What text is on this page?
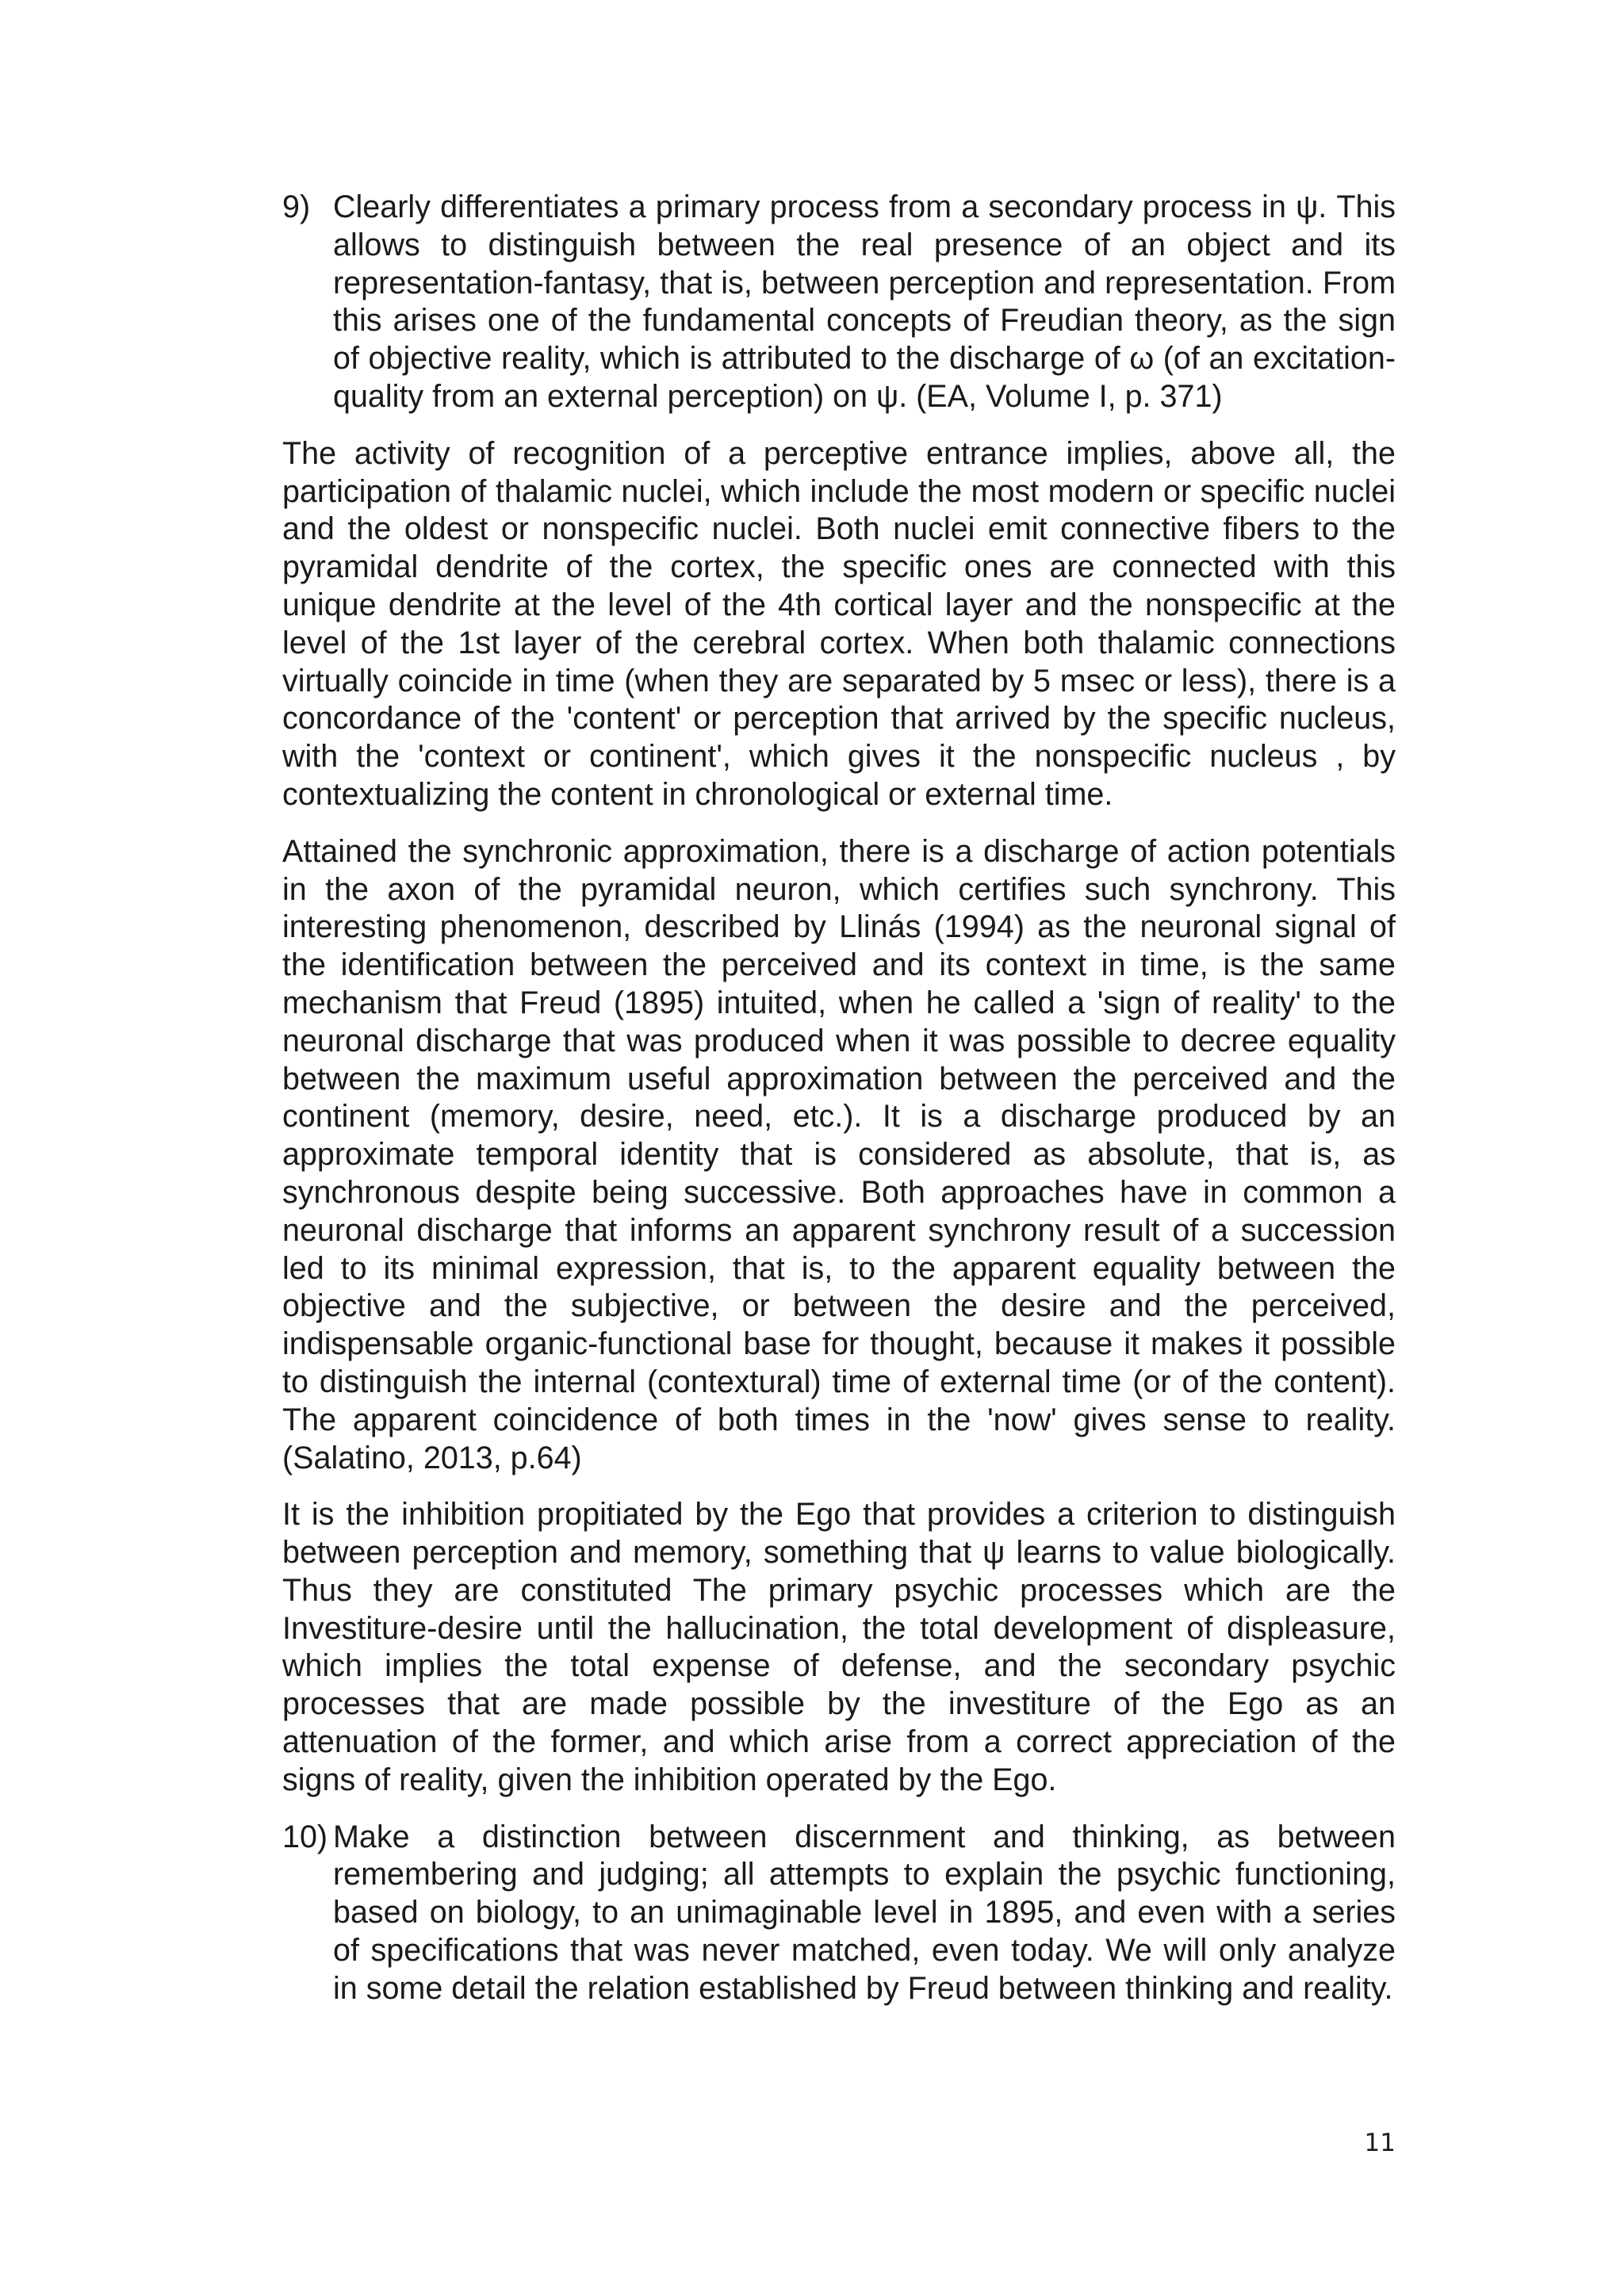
9) Clearly differentiates a primary process from a secondary process in ψ. This allows to distinguish between the real presence of an object and its representation-fantasy, that is, between perception and representation. From this arises one of the fundamental concepts of Freudian theory, as the sign of objective reality, which is attributed to the discharge of ω (of an excitation-quality from an external perception) on ψ. (EA, Volume I, p. 371)

The activity of recognition of a perceptive entrance implies, above all, the participation of thalamic nuclei, which include the most modern or specific nuclei and the oldest or nonspecific nuclei. Both nuclei emit connective fibers to the pyramidal dendrite of the cortex, the specific ones are connected with this unique dendrite at the level of the 4th cortical layer and the nonspecific at the level of the 1st layer of the cerebral cortex. When both thalamic connections virtually coincide in time (when they are separated by 5 msec or less), there is a concordance of the 'content' or perception that arrived by the specific nucleus, with the 'context or continent', which gives it the nonspecific nucleus , by contextualizing the content in chronological or external time.

Attained the synchronic approximation, there is a discharge of action potentials in the axon of the pyramidal neuron, which certifies such synchrony. This interesting phenomenon, described by Llinás (1994) as the neuronal signal of the identification between the perceived and its context in time, is the same mechanism that Freud (1895) intuited, when he called a 'sign of reality' to the neuronal discharge that was produced when it was possible to decree equality between the maximum useful approximation between the perceived and the continent (memory, desire, need, etc.). It is a discharge produced by an approximate temporal identity that is considered as absolute, that is, as synchronous despite being successive. Both approaches have in common a neuronal discharge that informs an apparent synchrony result of a succession led to its minimal expression, that is, to the apparent equality between the objective and the subjective, or between the desire and the perceived, indispensable organic-functional base for thought, because it makes it possible to distinguish the internal (contextural) time of external time (or of the content). The apparent coincidence of both times in the 'now' gives sense to reality. (Salatino, 2013, p.64)

It is the inhibition propitiated by the Ego that provides a criterion to distinguish between perception and memory, something that ψ learns to value biologically. Thus they are constituted The primary psychic processes which are the Investiture-desire until the hallucination, the total development of displeasure, which implies the total expense of defense, and the secondary psychic processes that are made possible by the investiture of the Ego as an attenuation of the former, and which arise from a correct appreciation of the signs of reality, given the inhibition operated by the Ego.

10) Make a distinction between discernment and thinking, as between remembering and judging; all attempts to explain the psychic functioning, based on biology, to an unimaginable level in 1895, and even with a series of specifications that was never matched, even today. We will only analyze in some detail the relation established by Freud between thinking and reality.
11
